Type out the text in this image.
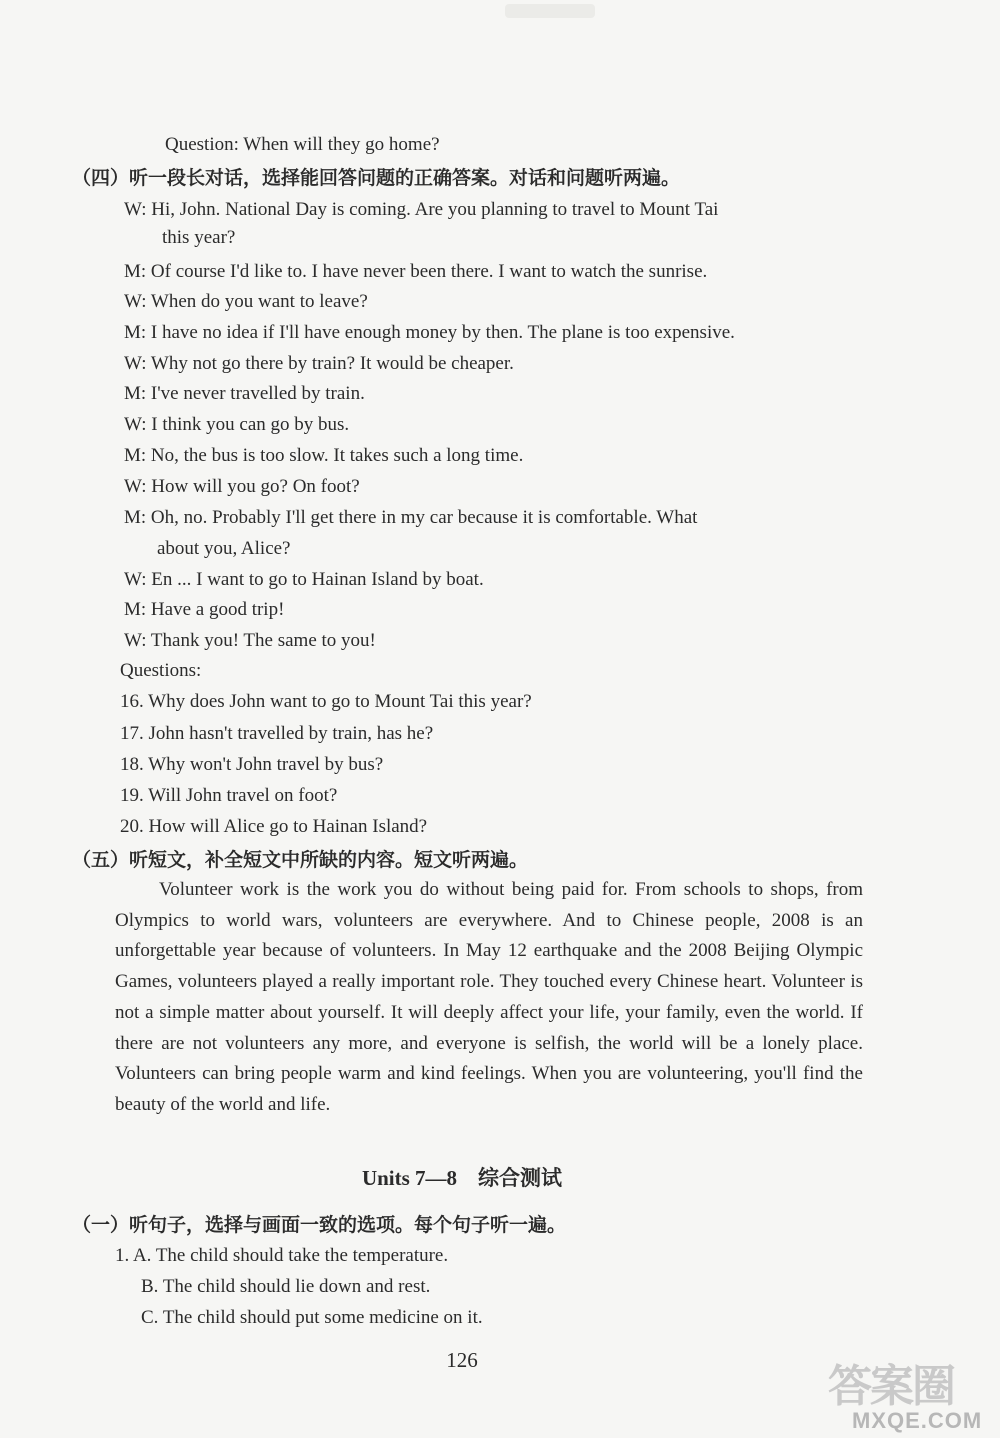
Question: When will they go home?
（四）听一段长对话，选择能回答问题的正确答案。对话和问题听两遍。
W: Hi, John. National Day is coming. Are you planning to travel to Mount Tai
this year?
M: Of course I'd like to. I have never been there. I want to watch the sunrise.
W: When do you want to leave?
M: I have no idea if I'll have enough money by then. The plane is too expensive.
W: Why not go there by train? It would be cheaper.
M: I've never travelled by train.
W: I think you can go by bus.
M: No, the bus is too slow. It takes such a long time.
W: How will you go? On foot?
M: Oh, no. Probably I'll get there in my car because it is comfortable. What
about you, Alice?
W: En ... I want to go to Hainan Island by boat.
M: Have a good trip!
W: Thank you! The same to you!
Questions:
16. Why does John want to go to Mount Tai this year?
17. John hasn't travelled by train, has he?
18. Why won't John travel by bus?
19. Will John travel on foot?
20. How will Alice go to Hainan Island?
（五）听短文，补全短文中所缺的内容。短文听两遍。
Volunteer work is the work you do without being paid for. From schools to shops, from Olympics to world wars, volunteers are everywhere. And to Chinese people, 2008 is an unforgettable year because of volunteers. In May 12 earthquake and the 2008 Beijing Olympic Games, volunteers played a really important role. They touched every Chinese heart. Volunteer is not a simple matter about yourself. It will deeply affect your life, your family, even the world. If there are not volunteers any more, and everyone is selfish, the world will be a lonely place. Volunteers can bring people warm and kind feelings. When you are volunteering, you'll find the beauty of the world and life.
Units 7—8　综合测试
（一）听句子，选择与画面一致的选项。每个句子听一遍。
1. A. The child should take the temperature.
B. The child should lie down and rest.
C. The child should put some medicine on it.
126
答案圈
MXQE.COM
